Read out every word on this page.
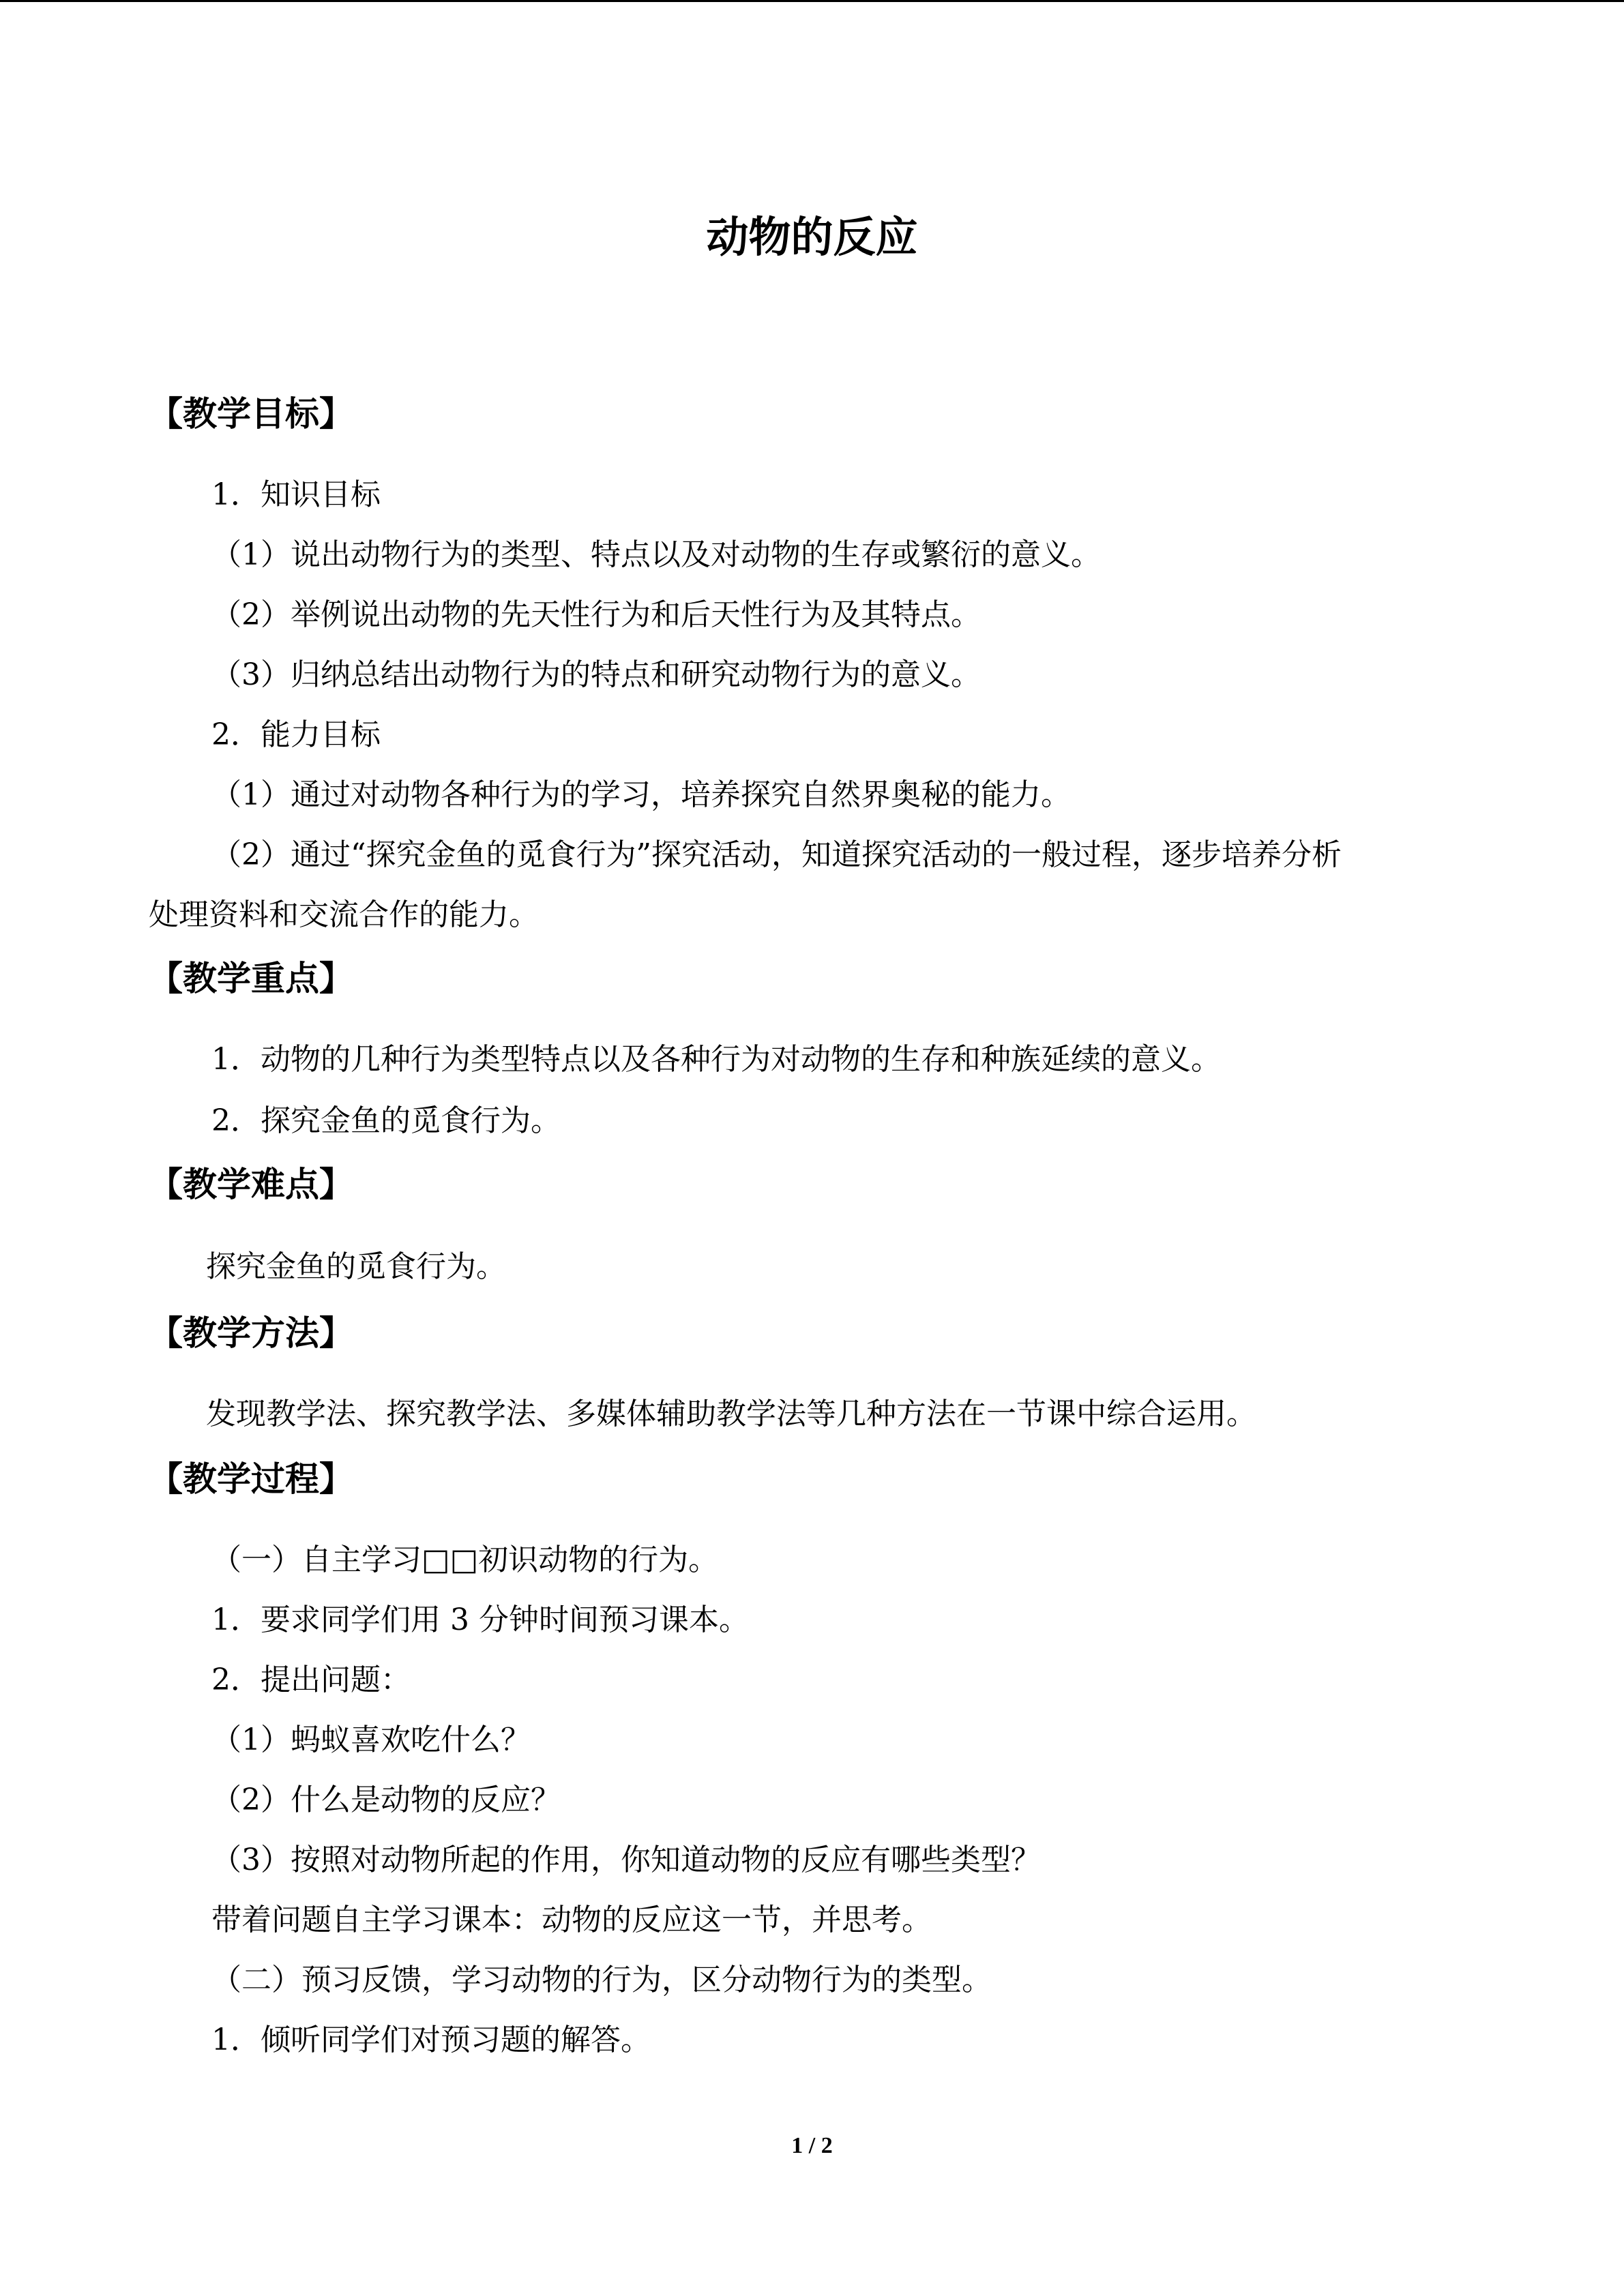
动物的反应
【教学目标】
1．知识目标
（1）说出动物行为的类型、特点以及对动物的生存或繁衍的意义。
（2）举例说出动物的先天性行为和后天性行为及其特点。
（3）归纳总结出动物行为的特点和研究动物行为的意义。
2．能力目标
（1）通过对动物各种行为的学习，培养探究自然界奥秘的能力。
（2）通过“探究金鱼的觅食行为”探究活动，知道探究活动的一般过程，逐步培养分析
处理资料和交流合作的能力。
【教学重点】
1．动物的几种行为类型特点以及各种行为对动物的生存和种族延续的意义。
2．探究金鱼的觅食行为。
【教学难点】
探究金鱼的觅食行为。
【教学方法】
发现教学法、探究教学法、多媒体辅助教学法等几种方法在一节课中综合运用。
【教学过程】
（一）自主学习□□初识动物的行为。
1．要求同学们用 3 分钟时间预习课本。
2．提出问题：
（1）蚂蚁喜欢吃什么？
（2）什么是动物的反应？
（3）按照对动物所起的作用，你知道动物的反应有哪些类型？
带着问题自主学习课本：动物的反应这一节，并思考。
（二）预习反馈，学习动物的行为，区分动物行为的类型。
1．倾听同学们对预习题的解答。
1 / 2
